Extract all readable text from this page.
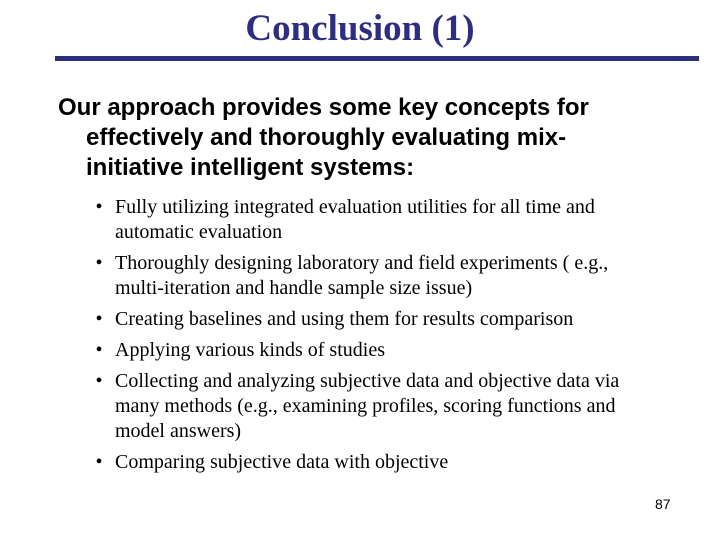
Conclusion (1)
Our approach provides some key concepts for
effectively and thoroughly evaluating mix-
initiative intelligent systems:
• Fully utilizing integrated evaluation utilities for all time and
automatic evaluation
• Thoroughly designing laboratory and field experiments ( e.g.,
multi-iteration and handle sample size issue)
• Creating baselines and using them for results comparison
• Applying various kinds of studies
• Collecting and analyzing subjective data and objective data via
many methods (e.g., examining profiles, scoring functions and
model answers)
• Comparing subjective data with objective
87
